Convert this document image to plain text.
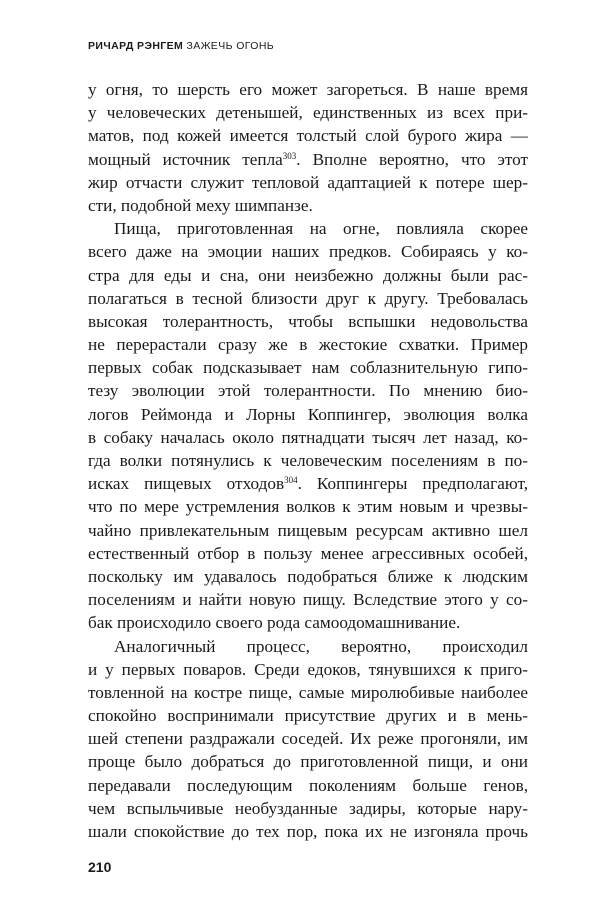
РИЧАРД РЭНГЕМ ЗАЖЕЧЬ ОГОНЬ
у огня, то шерсть его может загореться. В наше время
у человеческих детенышей, единственных из всех при-
матов, под кожей имеется толстый слой бурого жира —
мощный источник тепла$^{303}$. Вполне вероятно, что этот
жир отчасти служит тепловой адаптацией к потере шер-
сти, подобной меху шимпанзе.
Пища, приготовленная на огне, повлияла скорее
всего даже на эмоции наших предков. Собираясь у ко-
стра для еды и сна, они неизбежно должны были рас-
полагаться в тесной близости друг к другу. Требовалась
высокая толерантность, чтобы вспышки недовольства
не перерастали сразу же в жестокие схватки. Пример
первых собак подсказывает нам соблазнительную гипо-
тезу эволюции этой толерантности. По мнению био-
логов Реймонда и Лорны Коппингер, эволюция волка
в собаку началась около пятнадцати тысяч лет назад, ко-
гда волки потянулись к человеческим поселениям в по-
исках пищевых отходов$^{304}$. Коппингеры предполагают,
что по мере устремления волков к этим новым и чрезвы-
чайно привлекательным пищевым ресурсам активно шел
естественный отбор в пользу менее агрессивных особей,
поскольку им удавалось подобраться ближе к людским
поселениям и найти новую пищу. Вследствие этого у со-
бак происходило своего рода самоодомашнивание.
Аналогичный процесс, вероятно, происходил
и у первых поваров. Среди едоков, тянувшихся к приго-
товленной на костре пище, самые миролюбивые наиболее
спокойно воспринимали присутствие других и в мень-
шей степени раздражали соседей. Их реже прогоняли, им
проще было добраться до приготовленной пищи, и они
передавали последующим поколениям больше генов,
чем вспыльчивые необузданные задиры, которые нару-
шали спокойствие до тех пор, пока их не изгоняла прочь
210
